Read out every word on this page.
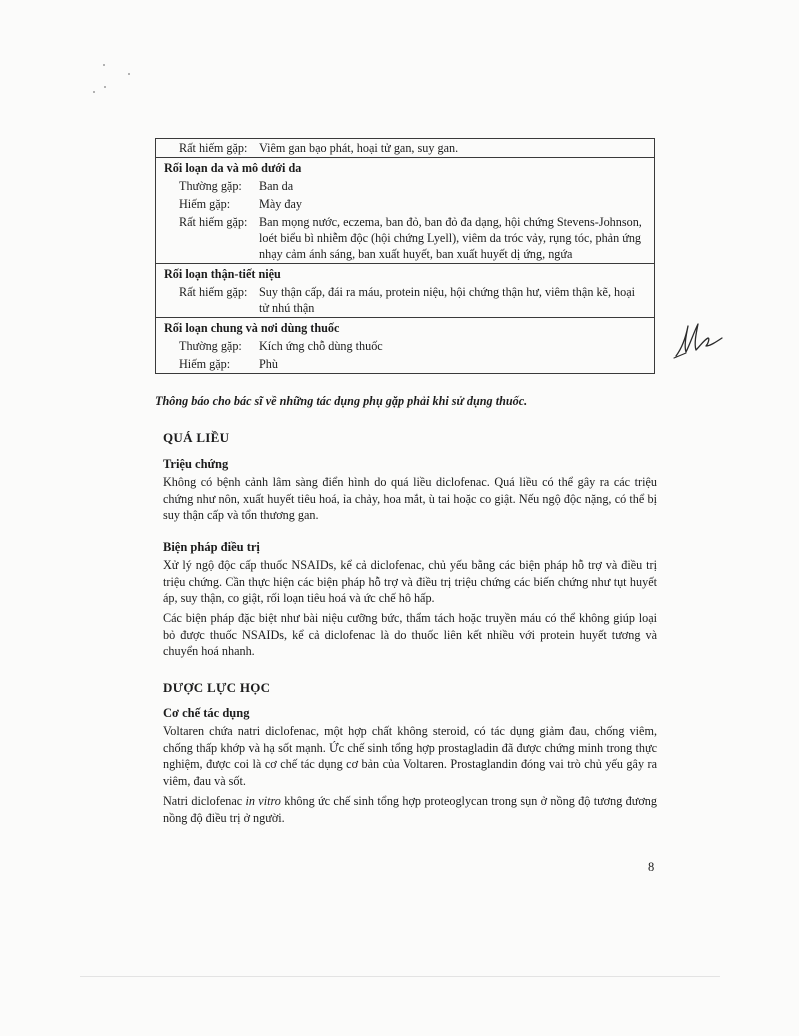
Rất hiếm gặp: Viêm gan bạo phát, hoại tử gan, suy gan.
Rối loạn da và mô dưới da
Thường gặp:	Ban da
Hiếm gặp:	Mày đay
Rất hiếm gặp: Ban mọng nước, eczema, ban đỏ, ban đỏ đa dạng, hội chứng Stevens-Johnson, loét biểu bì nhiễm độc (hội chứng Lyell), viêm da tróc vảy, rụng tóc, phản ứng nhạy cảm ánh sáng, ban xuất huyết, ban xuất huyết dị ứng, ngứa
Rối loạn thận-tiết niệu
Rất hiếm gặp: Suy thận cấp, đái ra máu, protein niệu, hội chứng thận hư, viêm thận kẽ, hoại tử nhú thận
Rối loạn chung và nơi dùng thuốc
Thường gặp:	Kích ứng chỗ dùng thuốc
Hiếm gặp:	Phù
Thông báo cho bác sĩ về những tác dụng phụ gặp phải khi sử dụng thuốc.
QUÁ LIỀU
Triệu chứng
Không có bệnh cảnh lâm sàng điển hình do quá liều diclofenac. Quá liều có thể gây ra các triệu chứng như nôn, xuất huyết tiêu hoá, ỉa chảy, hoa mắt, ù tai hoặc co giật. Nếu ngộ độc nặng, có thể bị suy thận cấp và tổn thương gan.
Biện pháp điều trị
Xử lý ngộ độc cấp thuốc NSAIDs, kể cả diclofenac, chủ yếu bằng các biện pháp hỗ trợ và điều trị triệu chứng. Cần thực hiện các biện pháp hỗ trợ và điều trị triệu chứng các biến chứng như tụt huyết áp, suy thận, co giật, rối loạn tiêu hoá và ức chế hô hấp.
Các biện pháp đặc biệt như bài niệu cưỡng bức, thẩm tách hoặc truyền máu có thể không giúp loại bỏ được thuốc NSAIDs, kể cả diclofenac là do thuốc liên kết nhiều với protein huyết tương và chuyển hoá nhanh.
DƯỢC LỰC HỌC
Cơ chế tác dụng
Voltaren chứa natri diclofenac, một hợp chất không steroid, có tác dụng giảm đau, chống viêm, chống thấp khớp và hạ sốt mạnh. Ức chế sinh tổng hợp prostagladin đã được chứng minh trong thực nghiệm, được coi là cơ chế tác dụng cơ bản của Voltaren. Prostaglandin đóng vai trò chủ yếu gây ra viêm, đau và sốt.
Natri diclofenac in vitro không ức chế sinh tổng hợp proteoglycan trong sụn ở nồng độ tương đương nồng độ điều trị ở người.
8
